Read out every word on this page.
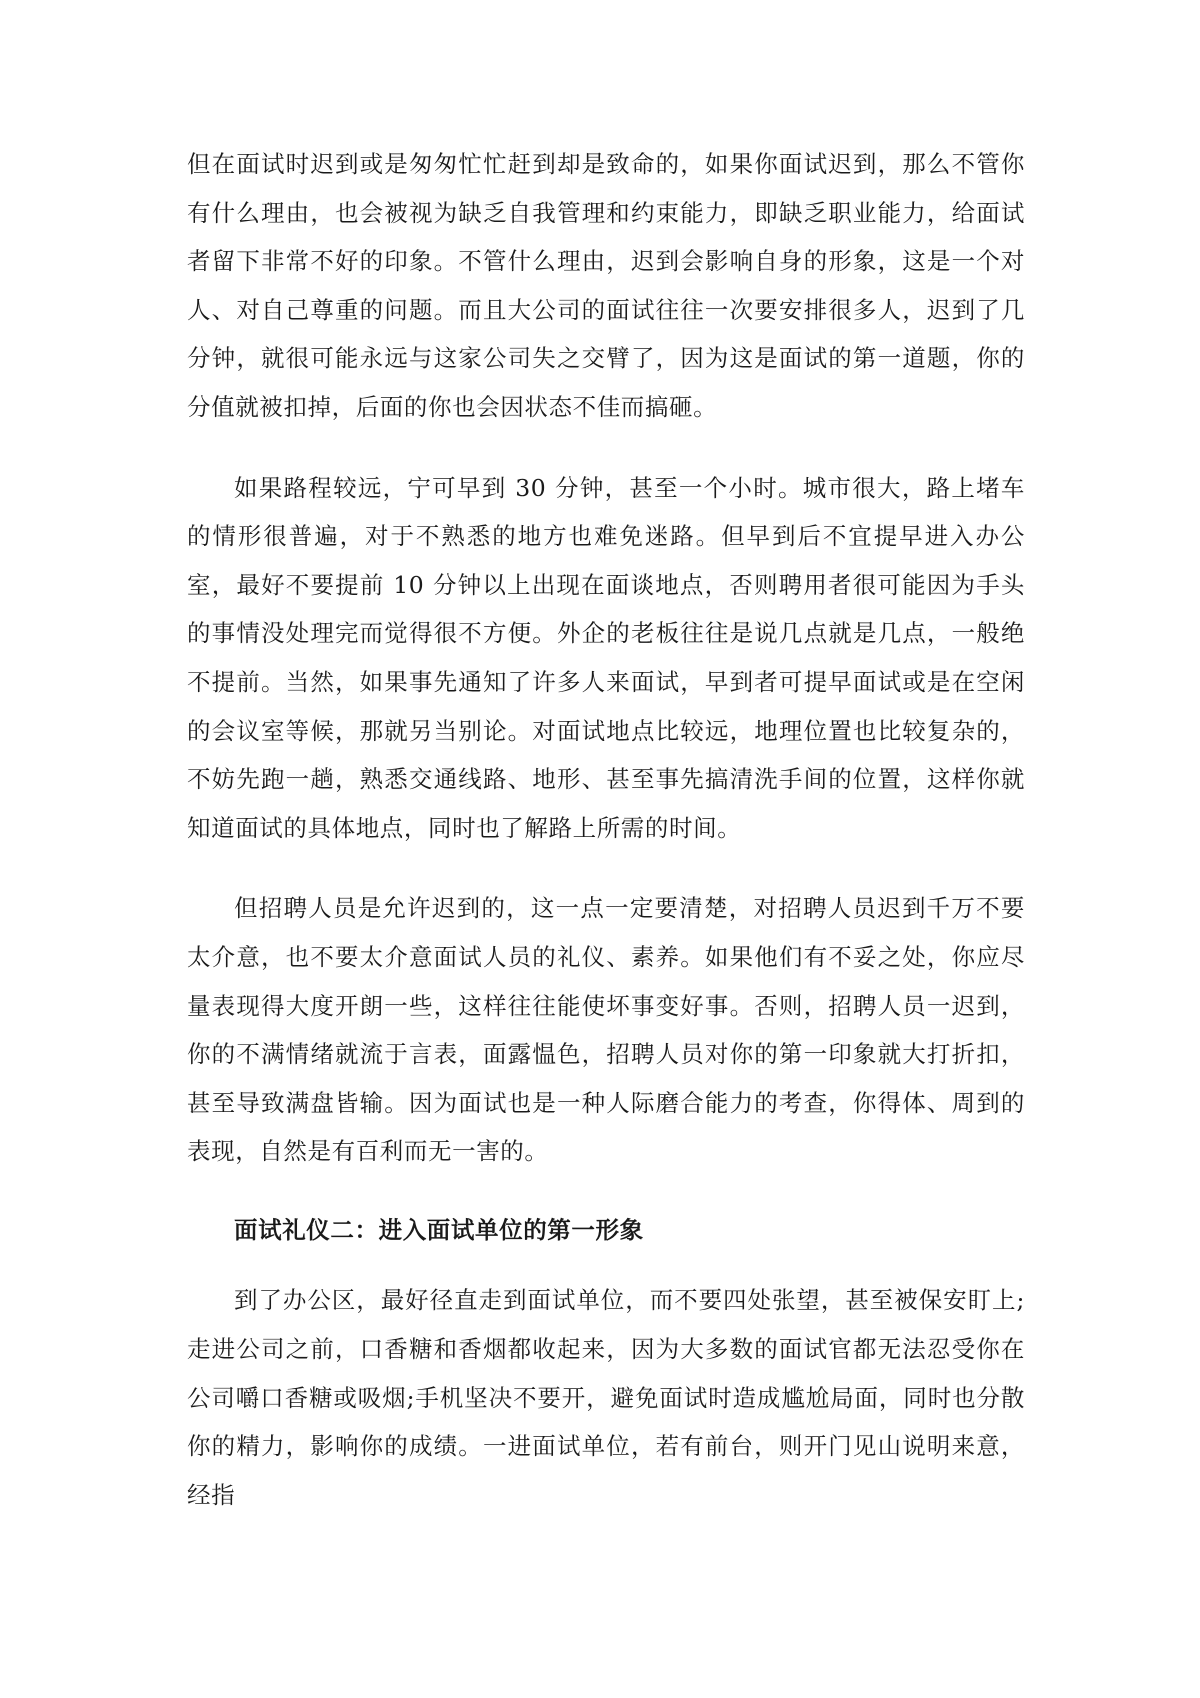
但在面试时迟到或是匆匆忙忙赶到却是致命的，如果你面试迟到，那么不管你有什么理由，也会被视为缺乏自我管理和约束能力，即缺乏职业能力，给面试者留下非常不好的印象。不管什么理由，迟到会影响自身的形象，这是一个对人、对自己尊重的问题。而且大公司的面试往往一次要安排很多人，迟到了几分钟，就很可能永远与这家公司失之交臂了，因为这是面试的第一道题，你的分值就被扣掉，后面的你也会因状态不佳而搞砸。

如果路程较远，宁可早到 30 分钟，甚至一个小时。城市很大，路上堵车的情形很普遍，对于不熟悉的地方也难免迷路。但早到后不宜提早进入办公室，最好不要提前 10 分钟以上出现在面谈地点，否则聘用者很可能因为手头的事情没处理完而觉得很不方便。外企的老板往往是说几点就是几点，一般绝不提前。当然，如果事先通知了许多人来面试，早到者可提早面试或是在空闲的会议室等候，那就另当别论。对面试地点比较远，地理位置也比较复杂的，不妨先跑一趟，熟悉交通线路、地形、甚至事先搞清洗手间的位置，这样你就知道面试的具体地点，同时也了解路上所需的时间。

但招聘人员是允许迟到的，这一点一定要清楚，对招聘人员迟到千万不要太介意，也不要太介意面试人员的礼仪、素养。如果他们有不妥之处，你应尽量表现得大度开朗一些，这样往往能使坏事变好事。否则，招聘人员一迟到，你的不满情绪就流于言表，面露愠色，招聘人员对你的第一印象就大打折扣，甚至导致满盘皆输。因为面试也是一种人际磨合能力的考查，你得体、周到的表现，自然是有百利而无一害的。

面试礼仪二：进入面试单位的第一形象

到了办公区，最好径直走到面试单位，而不要四处张望，甚至被保安盯上;走进公司之前，口香糖和香烟都收起来，因为大多数的面试官都无法忍受你在公司嚼口香糖或吸烟;手机坚决不要开，避免面试时造成尴尬局面，同时也分散你的精力，影响你的成绩。一进面试单位，若有前台，则开门见山说明来意，经指
